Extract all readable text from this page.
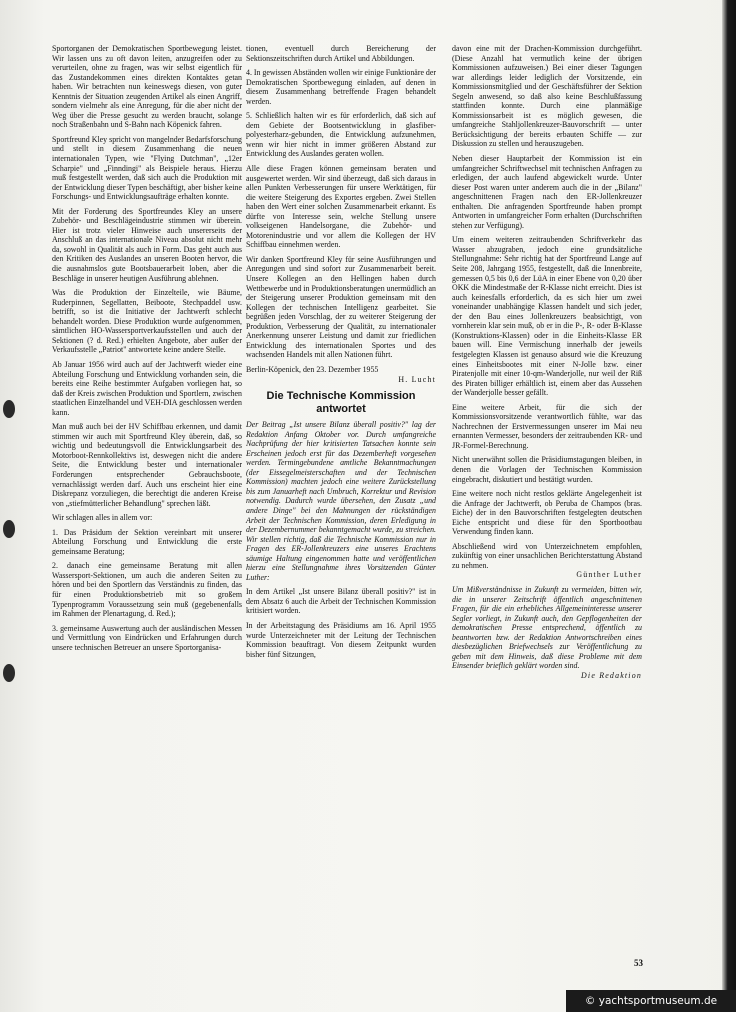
Sportorganen der Demokratischen Sportbewegung leistet. Wir lassen uns zu oft davon leiten, anzugreifen oder zu verurteilen, ohne zu fragen, was wir selbst eigentlich für das Zustandekommen eines direkten Kontaktes getan haben. Wir betrachten nun keineswegs diesen, von guter Kenntnis der Situation zeugenden Artikel als einen Angriff, sondern vielmehr als eine Anregung, für die aber nicht der Weg über die Presse gesucht zu werden braucht, solange noch Straßenbahn und S-Bahn nach Köpenick fahren.

Sportfreund Kley spricht von mangelnder Bedarfsforschung und stellt in diesem Zusammenhang die neuen internationalen Typen, wie "Flying Dutchman", „12er Scharpie" und „Finndingi" als Beispiele heraus. Hierzu muß festgestellt werden, daß sich auch die Produktion mit der Entwicklung dieser Typen beschäftigt, aber bisher keine Forschungs- und Entwicklungsaufträge erhalten konnte.

Mit der Forderung des Sportfreundes Kley an unsere Zubehör- und Beschlägeindustrie stimmen wir überein. Hier ist trotz vieler Hinweise auch unsererseits der Anschluß an das internationale Niveau absolut nicht mehr da, sowohl in Qualität als auch in Form. Das geht auch aus den Kritiken des Auslandes an unseren Booten hervor, die die ausnahmslos gute Bootsbauerarbeit loben, aber die Beschläge in unserer heutigen Ausführung ablehnen.

Was die Produktion der Einzelteile, wie Bäume, Ruderpinnen, Segellatten, Beiboote, Stechpaddel usw. betrifft, so ist die Initiative der Jachtwerft schlecht behandelt worden. Diese Produktion wurde aufgenommen, sämtlichen HO-Wassersportverkaufsstellen und auch der Sektionen (? d. Red.) erhielten Angebote, aber außer der Verkaufsstelle „Patriot" antwortete keine andere Stelle.

Ab Januar 1956 wird auch auf der Jachtwerft wieder eine Abteilung Forschung und Entwicklung vorhanden sein, die bereits eine Reihe bestimmter Aufgaben vorliegen hat, so daß der Kreis zwischen Produktion und Sportlern, zwischen staatlichen Einzelhandel und VEH-DIA geschlossen werden kann.

Man muß auch bei der HV Schiffbau erkennen, und damit stimmen wir auch mit Sportfreund Kley überein, daß, so wichtig und bedeutungsvoll die Entwicklungsarbeit des Motorboot-Rennkollektivs ist, deswegen nicht die andere Seite, die Entwicklung bester und internationaler Forderungen entsprechender Gebrauchsboote, vernachlässigt werden darf. Auch uns erscheint hier eine Diskrepanz vorzuliegen, die berechtigt die anderen Kreise von „stiefmütterlicher Behandlung" sprechen läßt.

Wir schlagen alles in allem vor:

1. Das Präsidum der Sektion vereinbart mit unserer Abteilung Forschung und Entwicklung die erste gemeinsame Beratung;

2. danach eine gemeinsame Beratung mit allen Wassersport-Sektionen, um auch die anderen Seiten zu hören und bei den Sportlern das Verständnis zu finden, das für einen Produktionsbetrieb mit so großem Typenprogramm Voraussetzung sein muß (gegebenenfalls im Rahmen der Plenartagung, d. Red.);

3. gemeinsame Auswertung auch der ausländischen Messen und Vermittlung von Eindrücken und Erfahrungen durch unsere technischen Betreuer an unsere Sportorganisa-

tionen, eventuell durch Bereicherung der Sektionszeitschriften durch Artikel und Abbildungen.

4. In gewissen Abständen wollen wir einige Funktionäre der Demokratischen Sportbewegung einladen, auf denen in diesem Zusammenhang betreffende Fragen behandelt werden.

5. Schließlich halten wir es für erforderlich, daß sich auf dem Gebiete der Bootsentwicklung in glasfiber-polyesterharz-gebunden, die Entwicklung aufzunehmen, wenn wir hier nicht in immer größeren Abstand zur Entwicklung des Auslandes geraten wollen.

Alle diese Fragen können gemeinsam beraten und ausgewertet werden. Wir sind überzeugt, daß sich daraus in allen Punkten Verbesserungen für unsere Werktätigen, für die weitere Steigerung des Exportes ergeben. Zwei Stellen haben den Wert einer solchen Zusammenarbeit erkannt. Es dürfte von Interesse sein, welche Stellung unsere volkseigenen Handelsorgane, die Zubehör- und Motorenindustrie und vor allem die Kollegen der HV Schiffbau einnehmen werden.

Wir danken Sportfreund Kley für seine Ausführungen und Anregungen und sind sofort zur Zusammenarbeit bereit. Unsere Kollegen an den Hellingen haben durch Wettbewerbe und in Produktionsberatungen unermüdlich an der Steigerung unserer Produktion gemeinsam mit den Kollegen der technischen Intelligenz gearbeitet. Sie begrüßen jeden Vorschlag, der zu weiterer Steigerung der Produktion, Verbesserung der Qualität, zu internationaler Anerkennung unserer Leistung und damit zur friedlichen Entwicklung des internationalen Sportes und des wachsenden Handels mit allen Nationen führt.

Berlin-Köpenick, den 23. Dezember 1955

H. Lucht

Die Technische Kommission antwortet

Der Beitrag „Ist unsere Bilanz überall positiv?" lag der Redaktion Anfang Oktober vor. Durch umfangreiche Nachprüfung der hier kritisierten Tatsachen konnte sein Erscheinen jedoch erst für das Dezemberheft vorgesehen werden. Termingebundene amtliche Bekanntmachungen (der Eissegelmeisterschaften und der Technischen Kommission) machten jedoch eine weitere Zurückstellung bis zum Januarheft nach Umbruch, Korrektur und Revision notwendig. Dadurch wurde übersehen, den Zusatz „und andere Dinge" bei den Mahnungen der rückständigen Arbeit der Technischen Kommission, deren Erledigung in der Dezembernummer bekanntgemacht wurde, zu streichen. Wir stellen richtig, daß die Technische Kommission nur in Fragen des ER-Jollenkreuzers eine unseres Erachtens säumige Haltung eingenommen hatte und veröffentlichen hierzu eine Stellungnahme ihres Vorsitzenden Günter Luther:

In dem Artikel „Ist unsere Bilanz überall positiv?" ist in dem Absatz 6 auch die Arbeit der Technischen Kommission kritisiert worden.

In der Arbeitstagung des Präsidiums am 16. April 1955 wurde Unterzeichneter mit der Leitung der Technischen Kommission beauftragt. Von diesem Zeitpunkt wurden bisher fünf Sitzungen,

davon eine mit der Drachen-Kommission durchgeführt. (Diese Anzahl hat vermutlich keine der übrigen Kommissionen aufzuweisen.) Bei einer dieser Tagungen war allerdings leider lediglich der Vorsitzende, ein Kommissionsmitglied und der Geschäftsführer der Sektion Segeln anwesend, so daß also keine Beschlußfassung stattfinden konnte. Durch eine planmäßige Kommissionsarbeit ist es möglich gewesen, die umfangreiche Stahljollenkreuzer-Bauvorschrift — unter Berücksichtigung der bereits erbauten Schiffe — zur Diskussion zu stellen und herauszugeben.

Neben dieser Hauptarbeit der Kommission ist ein umfangreicher Schriftwechsel mit technischen Anfragen zu erledigen, der auch laufend abgewickelt wurde. Unter dieser Post waren unter anderem auch die in der „Bilanz" angeschnittenen Fragen nach den ER-Jollenkreuzer enthalten. Die anfragenden Sportfreunde haben prompt Antworten in umfangreicher Form erhalten (Durchschriften stehen zur Verfügung).

Um einem weiteren zeitraubenden Schriftverkehr das Wasser abzugraben, jedoch eine grundsätzliche Stellungnahme: Sehr richtig hat der Sportfreund Lange auf Seite 208, Jahrgang 1955, festgestellt, daß die Innenbreite, gemessen 0,5 bis 0,6 der LüA in einer Ebene von 0,20 über OKK die Mindestmaße der R-Klasse nicht erreicht. Dies ist auch keinesfalls erforderlich, da es sich hier um zwei voneinander unabhängige Klassen handelt und sich jeder, der den Bau eines Jollenkreuzers beabsichtigt, von vornherein klar sein muß, ob er in die P-, R- oder B-Klasse (Konstruktions-Klassen) oder in die Einheits-Klasse ER bauen will. Eine Vermischung innerhalb der jeweils festgelegten Klassen ist genauso absurd wie die Kreuzung eines Einheitsbootes mit einer N-Jolle bzw. einer Piratenjolle mit einer 10-qm-Wanderjolle, nur weil der Riß des Piraten billiger erhältlich ist, einem aber das Aussehen der Wanderjolle besser gefällt.

Eine weitere Arbeit, für die sich der Kommissionsvorsitzende verantwortlich fühlte, war das Nachrechnen der Erstvermessungen unserer im Mai neu ernannten Vermesser, besonders der zeitraubenden KR- und JR-Formel-Berechnung.

Nicht unerwähnt sollen die Präsidiumstagungen bleiben, in denen die Vorlagen der Technischen Kommission eingebracht, diskutiert und bestätigt wurden.

Eine weitere noch nicht restlos geklärte Angelegenheit ist die Anfrage der Jachtwerft, ob Peruba de Champos (bras. Eiche) der in den Bauvorschriften festgelegten deutschen Eiche entspricht und diese für den Sportbootbau Verwendung finden kann.

Abschließend wird von Unterzeichnetem empfohlen, zukünftig von einer unsachlichen Berichterstattung Abstand zu nehmen.

Günther Luther

Um Mißverständnisse in Zukunft zu vermeiden, bitten wir, die in unserer Zeitschrift öffentlich angeschnittenen Fragen, für die ein erhebliches Allgemeininteresse unserer Segler vorliegt, in Zukunft auch, den Gepflogenheiten der demokratischen Presse entsprechend, öffentlich zu beantworten bzw. der Redaktion Antwortschreiben eines diesbezüglichen Briefwechsels zur Veröffentlichung zu geben mit dem Hinweis, daß diese Probleme mit dem Einsender brieflich geklärt worden sind.

Die Redaktion

53
© yachtsportmuseum.de
